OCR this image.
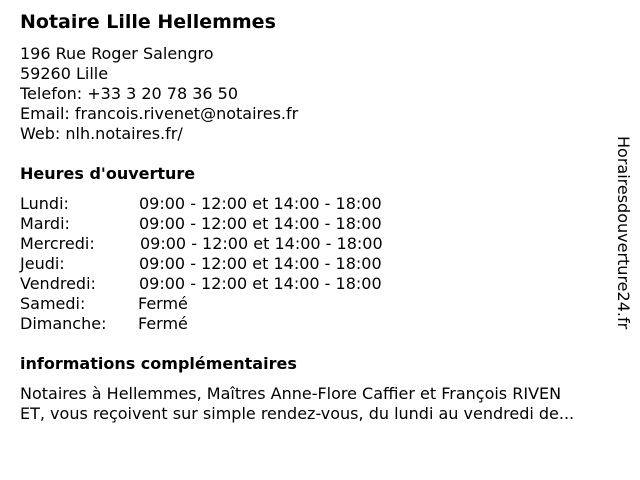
Notaire Lille Hellemmes
196 Rue Roger Salengro
59260 Lille
Telefon: +33 3 20 78 36 50
Email: francois.rivenet@notaires.fr
Web: nlh.notaires.fr/
Heures d'ouverture
Lundi:	09:00 - 12:00 et 14:00 - 18:00
Mardi:	09:00 - 12:00 et 14:00 - 18:00
Mercredi:	09:00 - 12:00 et 14:00 - 18:00
Jeudi:	09:00 - 12:00 et 14:00 - 18:00
Vendredi:	09:00 - 12:00 et 14:00 - 18:00
Samedi:	Fermé
Dimanche: Fermé
informations complémentaires
Notaires à Hellemmes, Maîtres Anne-Flore Caffier et François RIVEN
ET, vous reçoivent sur simple rendez-vous, du lundi au vendredi de...
Horairesdouverture24.fr
